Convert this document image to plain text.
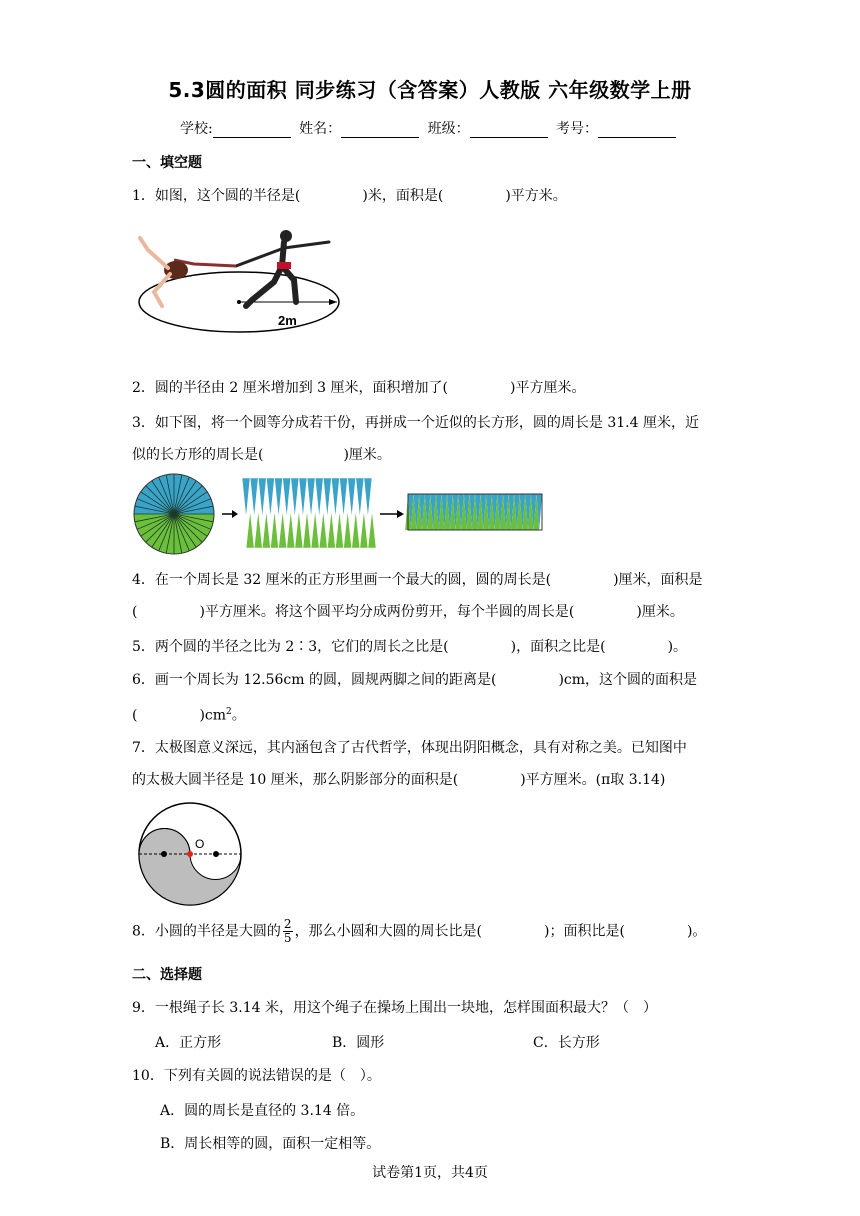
5.3圆的面积 同步练习（含答案）人教版 六年级数学上册
学校:	姓名：	班级：	考号：
一、填空题
1．如图，这个圆的半径是(	)米，面积是(	)平方米。
2m
2．圆的半径由 2 厘米增加到 3 厘米，面积增加了(	)平方厘米。
3．如下图，将一个圆等分成若干份，再拼成一个近似的长方形，圆的周长是 31.4 厘米，近
似的长方形的周长是(	)厘米。
4．在一个周长是 32 厘米的正方形里画一个最大的圆，圆的周长是(	)厘米，面积是
(	)平方厘米。将这个圆平均分成两份剪开，每个半圆的周长是(	)厘米。
5．两个圆的半径之比为 2∶3，它们的周长之比是(	)，面积之比是(	)。
6．画一个周长为 12.56cm 的圆，圆规两脚之间的距离是(	)cm，这个圆的面积是
(	)$cm^2$。
7．太极图意义深远，其内涵包含了古代哲学，体现出阴阳概念，具有对称之美。已知图中
的太极大圆半径是 10 厘米，那么阴影部分的面积是(	)平方厘米。(π取 3.14)
O
8．小圆的半径是大圆的 $\frac{2}{5}$ ，那么小圆和大圆的周长比是(	)；面积比是(	)。
二、选择题
9．一根绳子长 3.14 米，用这个绳子在操场上围出一块地，怎样围面积最大？（　）
A．正方形	B．圆形	C．长方形
10．下列有关圆的说法错误的是（　）。
A．圆的周长是直径的 3.14 倍。
B．周长相等的圆，面积一定相等。
试卷第1页，共4页
